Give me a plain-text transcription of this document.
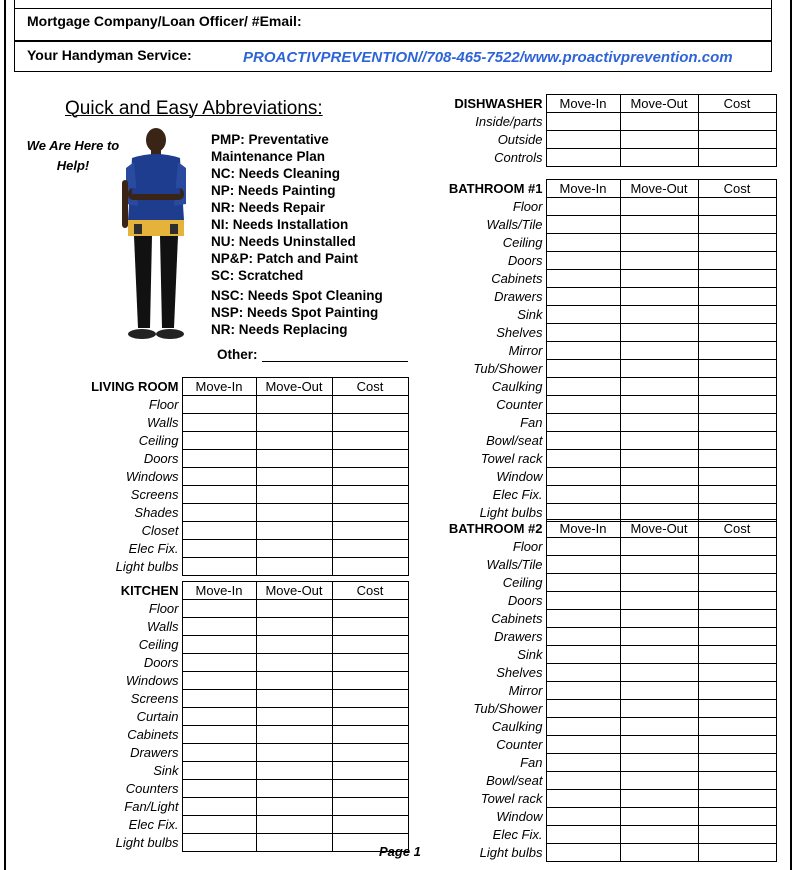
Mortgage Company/Loan Officer/ #Email:
Your Handyman Service:	PROACTIVPREVENTION//708-465-7522/www.proactivprevention.com
Quick and Easy Abbreviations:
We Are Here to Help!
PMP: Preventative
Maintenance Plan
NC: Needs Cleaning
NP: Needs Painting
NR: Needs Repair
NI: Needs Installation
NU: Needs Uninstalled
NP&P: Patch and Paint
SC: Scratched
NSC: Needs Spot Cleaning
NSP: Needs Spot Painting
NR: Needs Replacing
Other:
LIVING ROOM	Move-In	Move-Out	Cost
Floor			
Walls			
Ceiling			
Doors			
Windows			
Screens			
Shades			
Closet			
Elec Fix.			
Light bulbs			
KITCHEN	Move-In	Move-Out	Cost
Floor			
Walls			
Ceiling			
Doors			
Windows			
Screens			
Curtain			
Cabinets			
Drawers			
Sink			
Counters			
Fan/Light			
Elec Fix.			
Light bulbs			
DISHWASHER	Move-In	Move-Out	Cost
Inside/parts			
Outside			
Controls			
BATHROOM #1	Move-In	Move-Out	Cost
Floor			
Walls/Tile			
Ceiling			
Doors			
Cabinets			
Drawers			
Sink			
Shelves			
Mirror			
Tub/Shower			
Caulking			
Counter			
Fan			
Bowl/seat			
Towel rack			
Window			
Elec Fix.			
Light bulbs			
BATHROOM #2	Move-In	Move-Out	Cost
Floor			
Walls/Tile			
Ceiling			
Doors			
Cabinets			
Drawers			
Sink			
Shelves			
Mirror			
Tub/Shower			
Caulking			
Counter			
Fan			
Bowl/seat			
Towel rack			
Window			
Elec Fix.			
Light bulbs			
Page 1
